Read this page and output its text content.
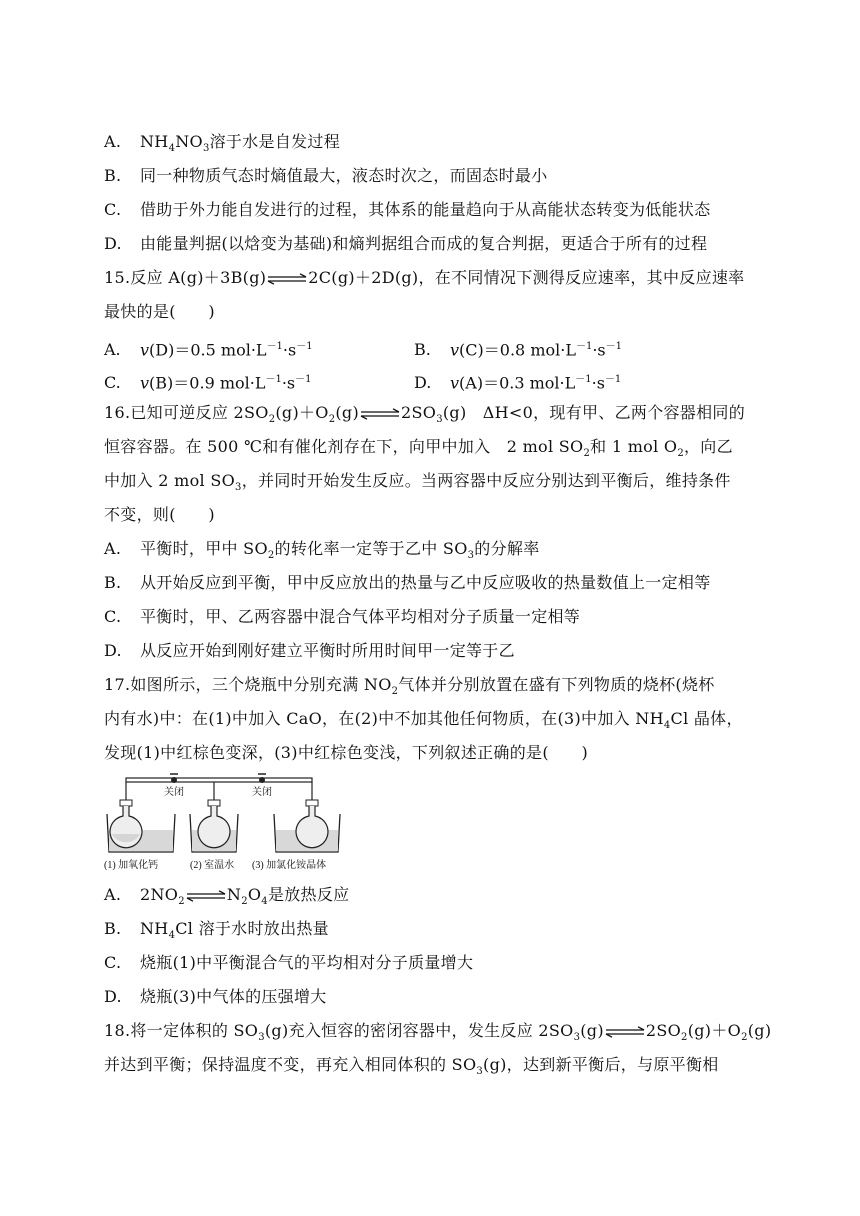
A. $NH_4NO_3$溶于水是自发过程
B. 同一种物质气态时熵值最大，液态时次之，而固态时最小
C. 借助于外力能自发进行的过程，其体系的能量趋向于从高能状态转变为低能状态
D. 由能量判据(以焓变为基础)和熵判据组合而成的复合判据，更适合于所有的过程
15.反应 A(g)＋3B(g)⇌2C(g)＋2D(g)，在不同情况下测得反应速率，其中反应速率
最快的是(　　)
A. v(D)＝0.5 $mol\cdot L^{-1}\cdot s^{-1}$	B. v(C)＝0.8 $mol\cdot L^{-1}\cdot s^{-1}$
C. v(B)＝0.9 $mol\cdot L^{-1}\cdot s^{-1}$	D. v(A)＝0.3 $mol\cdot L^{-1}\cdot s^{-1}$
16.已知可逆反应 $2SO_2(g)+O_2(g)\rightleftharpoons 2SO_3(g)$　ΔH<0，现有甲、乙两个容器相同的
恒容容器。在 500 ℃和有催化剂存在下，向甲中加入　2 mol $SO_2$和 1 mol $O_2$，向乙
中加入 2 mol $SO_3$，并同时开始发生反应。当两容器中反应分别达到平衡后，维持条件
不变，则(　　)
A. 平衡时，甲中 $SO_2$的转化率一定等于乙中 $SO_3$的分解率
B. 从开始反应到平衡，甲中反应放出的热量与乙中反应吸收的热量数值上一定相等
C. 平衡时，甲、乙两容器中混合气体平均相对分子质量一定相等
D. 从反应开始到刚好建立平衡时所用时间甲一定等于乙
17.如图所示，三个烧瓶中分别充满 $NO_2$气体并分别放置在盛有下列物质的烧杯(烧杯
内有水)中：在(1)中加入 CaO，在(2)中不加其他任何物质，在(3)中加入 $NH_4Cl$ 晶体，
发现(1)中红棕色变深，(3)中红棕色变浅，下列叙述正确的是(　　)
关闭	关闭
(1) 加氧化钙	(2) 室温水 (3) 加氯化铵晶体
A. $2NO_2$ $\rightleftharpoons N_2O_4$是放热反应
B. $NH_4Cl$ 溶于水时放出热量
C. 烧瓶(1)中平衡混合气的平均相对分子质量增大
D. 烧瓶(3)中气体的压强增大
18.将一定体积的 $SO_3(g)$充入恒容的密闭容器中，发生反应 $2SO_3(g)\rightleftharpoons 2SO_2(g)+O_2(g)$
并达到平衡；保持温度不变，再充入相同体积的 $SO_3(g)$，达到新平衡后，与原平衡相
